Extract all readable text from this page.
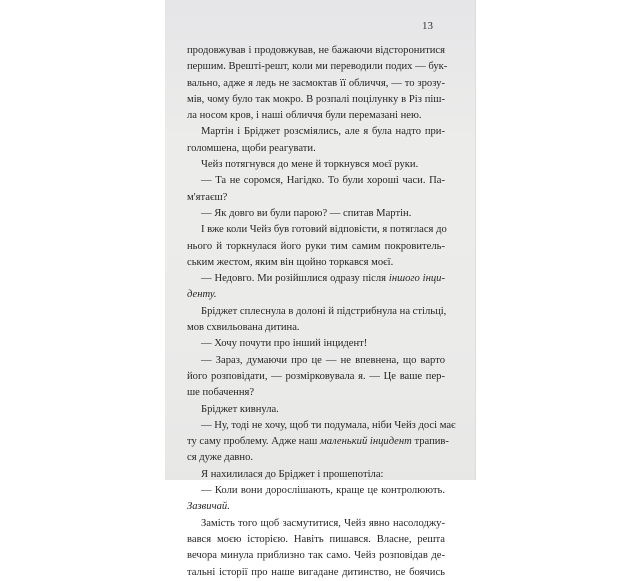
13
продовжував і продовжував, не бажаючи відсторонитися
першим. Врешті-решт, коли ми переводили подих — бук-
вально, адже я ледь не засмоктав її обличчя, — то зрозу-
мів, чому було так мокро. В розпалі поцілунку в Різ піш-
ла носом кров, і наші обличчя були перемазані нею.
Мартін і Бріджет розсміялись, але я була надто при-
голомшена, щоби реагувати.
Чейз потягнувся до мене й торкнувся моєї руки.
— Та не соромся, Нагідко. То були хороші часи. Па-
м'ятаєш?
— Як довго ви були парою? — спитав Мартін.
І вже коли Чейз був готовий відповісти, я потяглася до
нього й торкнулася його руки тим самим покровитель-
ським жестом, яким він щойно торкався моєї.
— Недовго. Ми розійшлися одразу після іншого інци-
денту.
Бріджет сплеснула в долоні й підстрибнула на стільці,
мов схвильована дитина.
— Хочу почути про інший інцидент!
— Зараз, думаючи про це — не впевнена, що варто
його розповідати, — розмірковувала я. — Це ваше пер-
ше побачення?
Бріджет кивнула.
— Ну, тоді не хочу, щоб ти подумала, ніби Чейз досі має
ту саму проблему. Адже наш маленький інцидент трапив-
ся дуже давно.
Я нахилилася до Бріджет і прошепотіла:
— Коли вони дорослішають, краще це контролюють.
Зазвичай.
Замість того щоб засмутитися, Чейз явно насолоджу-
вався моєю історією. Навіть пишався. Власне, решта
вечора минула приблизно так само. Чейз розповідав де-
тальні історії про наше вигадане дитинство, не боячись
